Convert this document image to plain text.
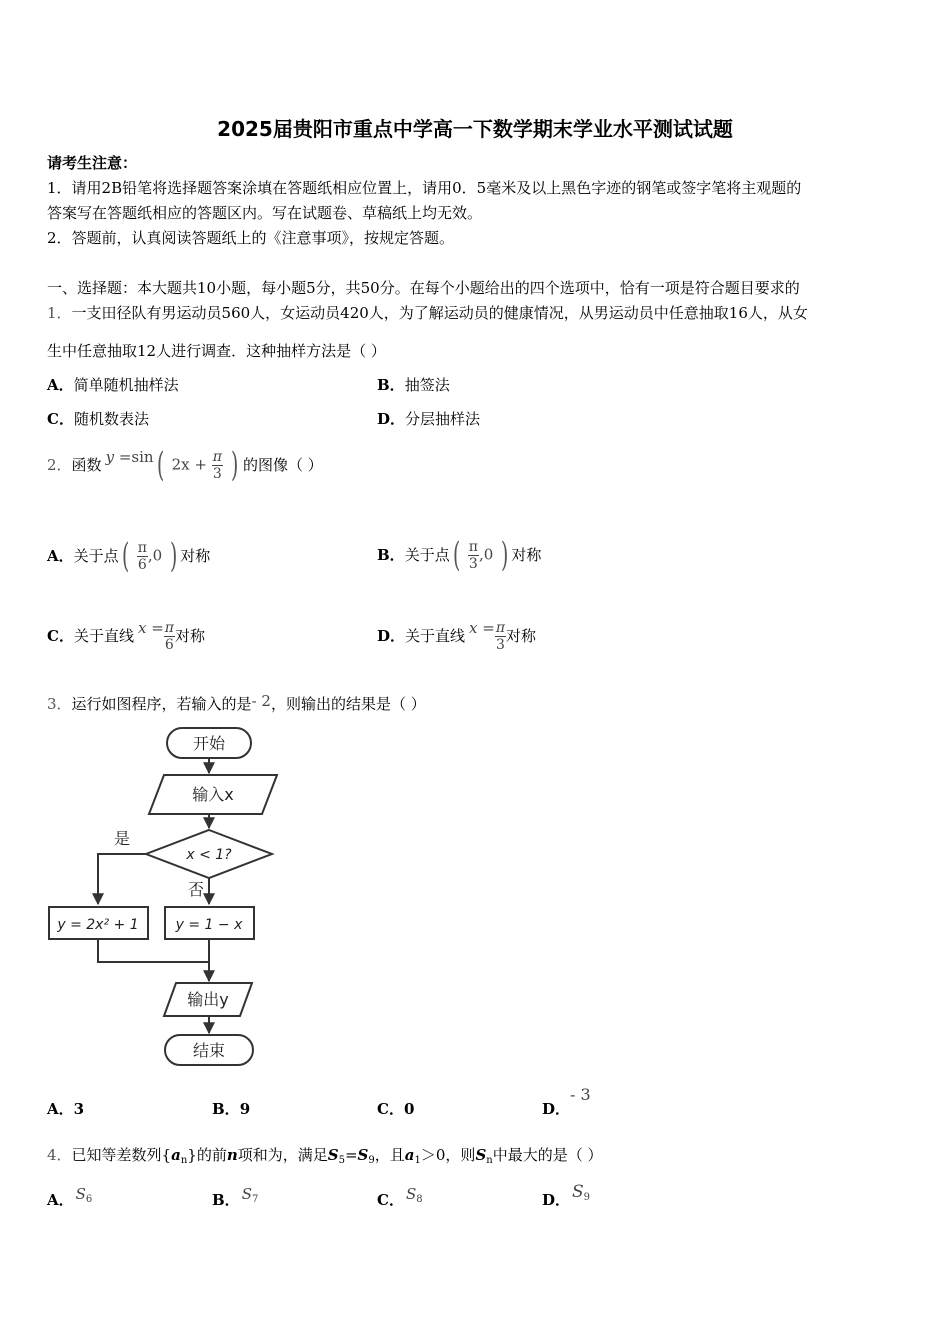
2025届贵阳市重点中学高一下数学期末学业水平测试试题
请考生注意：
1．请用2B铅笔将选择题答案涂填在答题纸相应位置上，请用0．5毫米及以上黑色字迹的钢笔或签字笔将主观题的
答案写在答题纸相应的答题区内。写在试题卷、草稿纸上均无效。
2．答题前，认真阅读答题纸上的《注意事项》，按规定答题。
一、选择题：本大题共10小题，每小题5分，共50分。在每个小题给出的四个选项中，恰有一项是符合题目要求的
1．一支田径队有男运动员560人，女运动员420人，为了解运动员的健康情况，从男运动员中任意抽取16人，从女
生中任意抽取12人进行调查．这种抽样方法是（ ）
A．简单随机抽样法	B．抽签法
C．随机数表法	D．分层抽样法
2． 函数 y =sin ( $2x + \frac{\pi}{3}$ ) 的图像（ ）
A． 关于点 ( $\frac{\pi}{6} ,0$ ) 对称	B． 关于点 ( $\frac{\pi}{3} ,0$ ) 对称
C． 关于直线 $x = \frac{\pi}{6}$ 对称	D． 关于直线 $x = \frac{\pi}{3}$ 对称
3．运行如图程序，若输入的是- 2，则输出的结果是（ ）
开始
输入x
x < 1?
是
否
y = 2x² + 1	y = 1 − x
输出y
结束
A．3	B．9	C．0	D．- 3
4．已知等差数列$\{a_n\}$的前n项和为，满足$S_5=S_9$，且$a_1>0$，则$S_n$中最大的是（ ）
A． $S_6$	B． $S_7$	C． $S_8$	D． $S_9$
